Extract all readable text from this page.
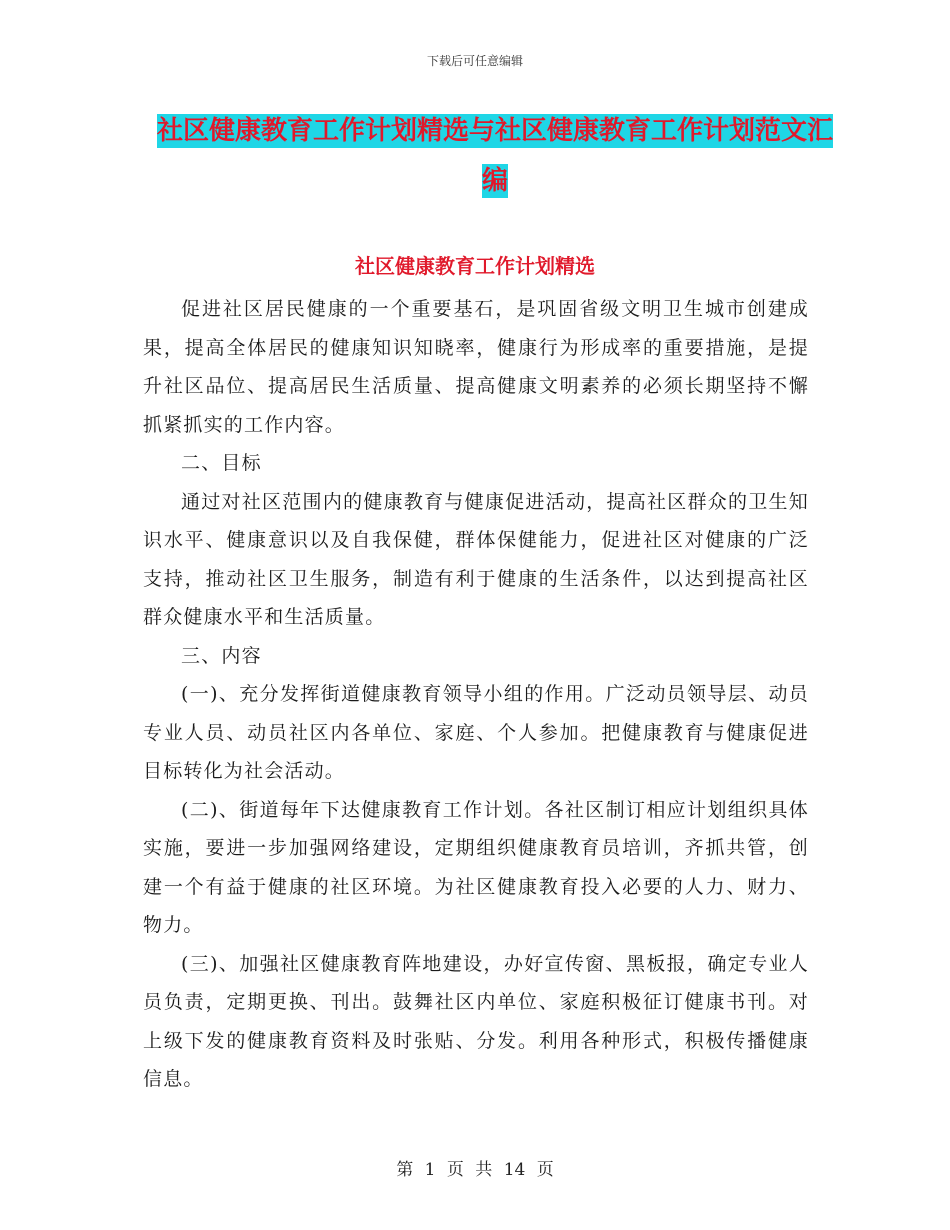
下载后可任意编辑
社区健康教育工作计划精选与社区健康教育工作计划范文汇编
社区健康教育工作计划精选

促进社区居民健康的一个重要基石，是巩固省级文明卫生城市创建成果，提高全体居民的健康知识知晓率，健康行为形成率的重要措施，是提升社区品位、提高居民生活质量、提高健康文明素养的必须长期坚持不懈抓紧抓实的工作内容。

二、目标

通过对社区范围内的健康教育与健康促进活动，提高社区群众的卫生知识水平、健康意识以及自我保健，群体保健能力，促进社区对健康的广泛支持，推动社区卫生服务，制造有利于健康的生活条件，以达到提高社区群众健康水平和生活质量。

三、内容

(一)、充分发挥街道健康教育领导小组的作用。广泛动员领导层、动员专业人员、动员社区内各单位、家庭、个人参加。把健康教育与健康促进目标转化为社会活动。

(二)、街道每年下达健康教育工作计划。各社区制订相应计划组织具体实施，要进一步加强网络建设，定期组织健康教育员培训，齐抓共管，创建一个有益于健康的社区环境。为社区健康教育投入必要的人力、财力、物力。

(三)、加强社区健康教育阵地建设，办好宣传窗、黑板报，确定专业人员负责，定期更换、刊出。鼓舞社区内单位、家庭积极征订健康书刊。对上级下发的健康教育资料及时张贴、分发。利用各种形式，积极传播健康信息。

第 1 页 共 14 页
